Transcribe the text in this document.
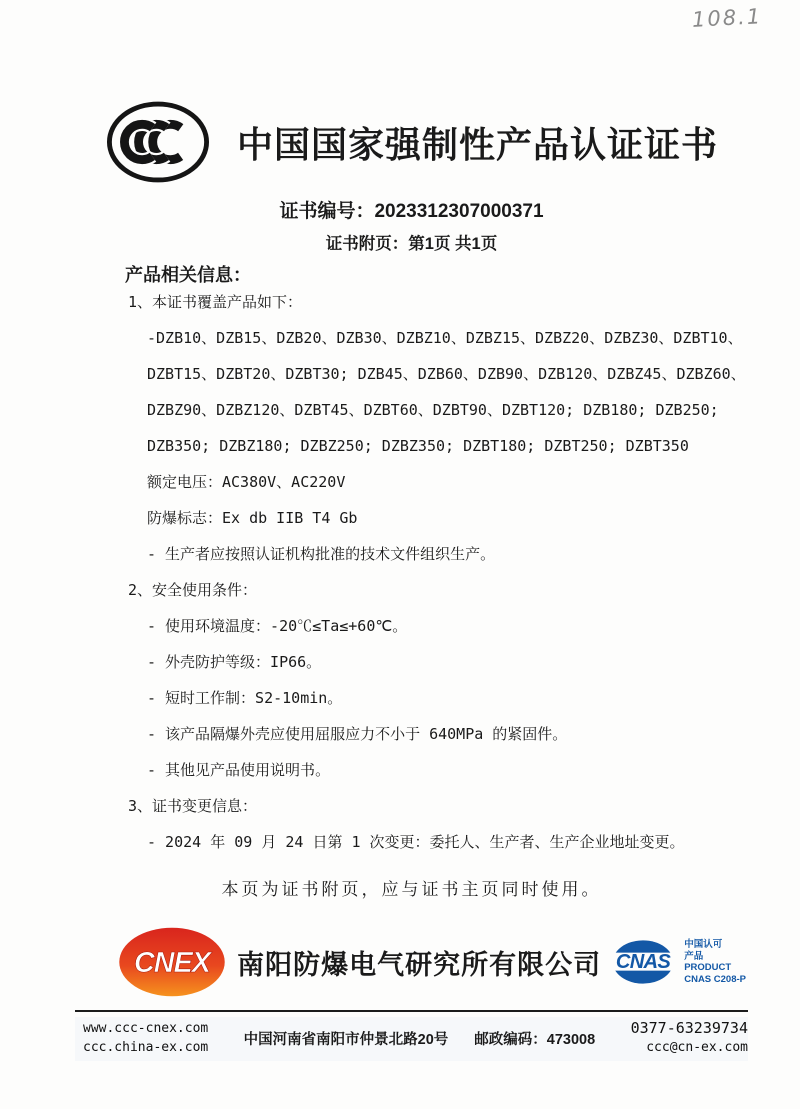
108.1
中国国家强制性产品认证证书
证书编号：2023312307000371
证书附页：第1页 共1页
产品相关信息：
1、本证书覆盖产品如下：
-DZB10、DZB15、DZB20、DZB30、DZBZ10、DZBZ15、DZBZ20、DZBZ30、DZBT10、
DZBT15、DZBT20、DZBT30; DZB45、DZB60、DZB90、DZB120、DZBZ45、DZBZ60、
DZBZ90、DZBZ120、DZBT45、DZBT60、DZBT90、DZBT120; DZB180; DZB250;
DZB350; DZBZ180; DZBZ250; DZBZ350; DZBT180; DZBT250; DZBT350
额定电压：AC380V、AC220V
防爆标志：Ex db IIB T4 Gb
- 生产者应按照认证机构批准的技术文件组织生产。
2、安全使用条件：
- 使用环境温度：-20℃≤Ta≤+60℃。
- 外壳防护等级：IP66。
- 短时工作制：S2-10min。
- 该产品隔爆外壳应使用屈服应力不小于 640MPa 的紧固件。
- 其他见产品使用说明书。
3、证书变更信息：
- 2024 年 09 月 24 日第 1 次变更：委托人、生产者、生产企业地址变更。
本页为证书附页，应与证书主页同时使用。
CNEX 南阳防爆电气研究所有限公司 CNAS
中国认可
产品
PRODUCT
CNAS C208-P
www.ccc-cnex.com
ccc.china-ex.com 中国河南省南阳市仲景北路20号 邮政编码：473008
0377-63239734
ccc@cn-ex.com
